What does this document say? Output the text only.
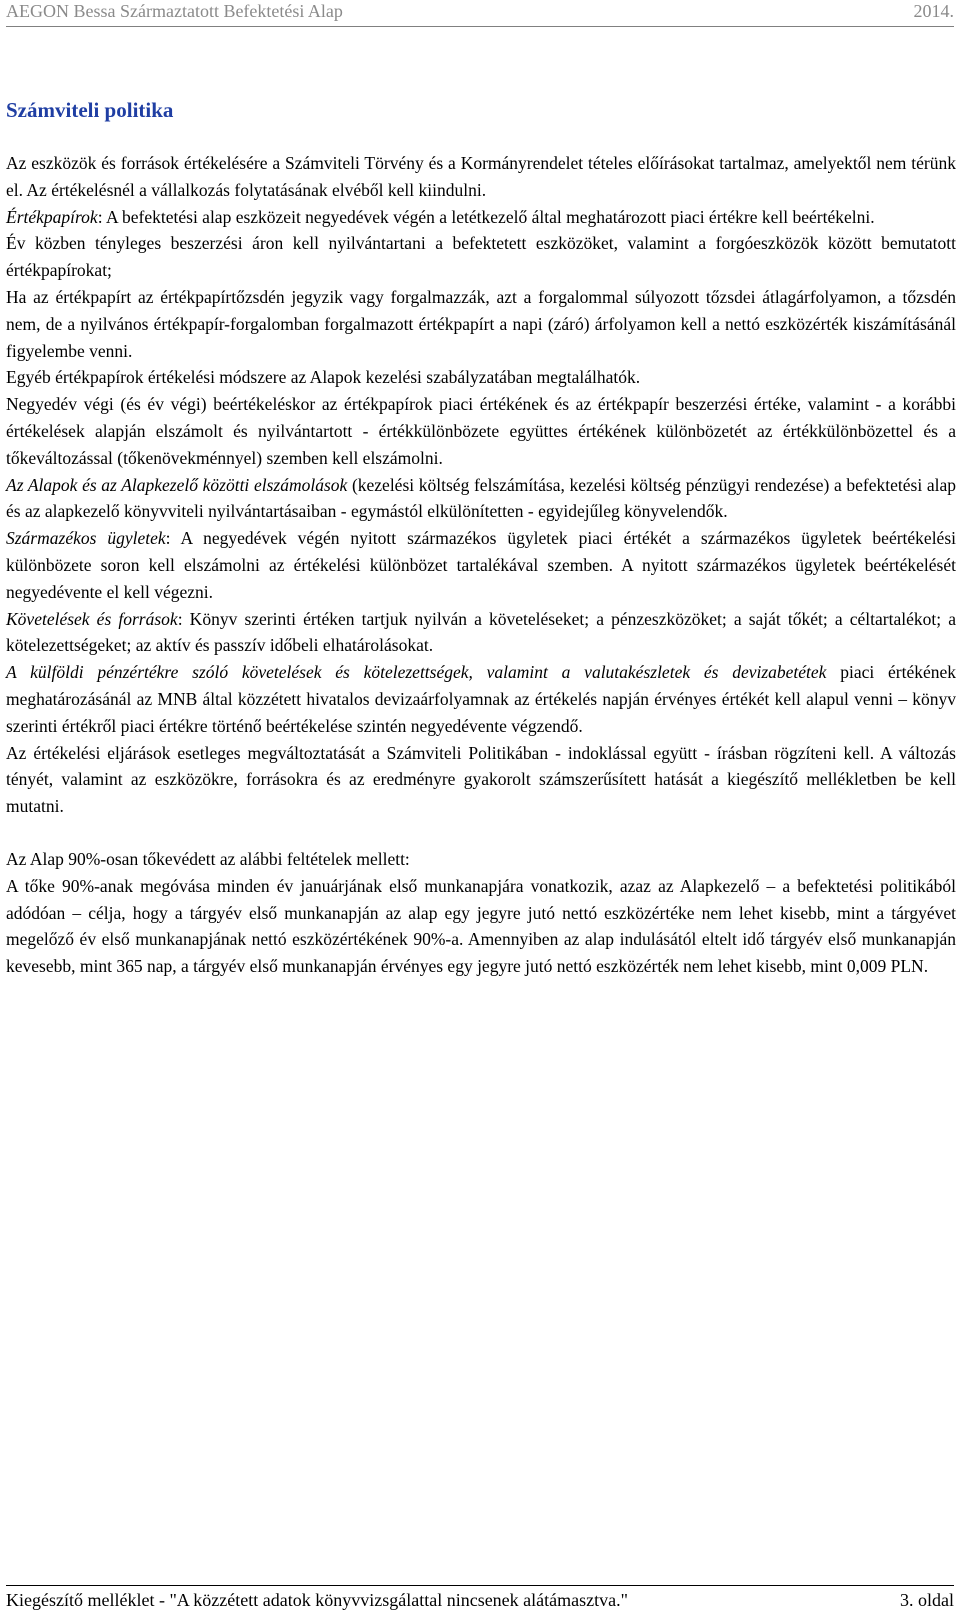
AEGON Bessa Származtatott Befektetési Alap	2014.
Számviteli politika

Az eszközök és források értékelésére a Számviteli Törvény és a Kormányrendelet tételes előírásokat tartalmaz, amelyektől nem térünk el. Az értékelésnél a vállalkozás folytatásának elvéből kell kiindulni.

Értékpapírok: A befektetési alap eszközeit negyedévek végén a letétkezelő által meghatározott piaci értékre kell beértékelni.

Év közben tényleges beszerzési áron kell nyilvántartani a befektetett eszközöket, valamint a forgóeszközök között bemutatott értékpapírokat;

Ha az értékpapírt az értékpapírtőzsdén jegyzik vagy forgalmazzák, azt a forgalommal súlyozott tőzsdei átlagárfolyamon, a tőzsdén nem, de a nyilvános értékpapír-forgalomban forgalmazott értékpapírt a napi (záró) árfolyamon kell a nettó eszközérték kiszámításánál figyelembe venni.

Egyéb értékpapírok értékelési módszere az Alapok kezelési szabályzatában megtalálhatók.

Negyedév végi (és év végi) beértékeléskor az értékpapírok piaci értékének és az értékpapír beszerzési értéke, valamint - a korábbi értékelések alapján elszámolt és nyilvántartott - értékkülönbözete együttes értékének különbözetét az értékkülönbözettel és a tőkeváltozással (tőkenövekménnyel) szemben kell elszámolni.

Az Alapok és az Alapkezelő közötti elszámolások (kezelési költség felszámítása, kezelési költség pénzügyi rendezése) a befektetési alap és az alapkezelő könyvviteli nyilvántartásaiban - egymástól elkülönítetten - egyidejűleg könyvelendők.

Származékos ügyletek: A negyedévek végén nyitott származékos ügyletek piaci értékét a származékos ügyletek beértékelési különbözete soron kell elszámolni az értékelési különbözet tartalékával szemben. A nyitott származékos ügyletek beértékelését negyedévente el kell végezni.

Követelések és források: Könyv szerinti értéken tartjuk nyilván a követeléseket; a pénzeszközöket; a saját tőkét; a céltartalékot; a kötelezettségeket; az aktív és passzív időbeli elhatárolásokat.

A külföldi pénzértékre szóló követelések és kötelezettségek, valamint a valutakészletek és devizabetétek piaci értékének meghatározásánál az MNB által közzétett hivatalos devizaárfolyamnak az értékelés napján érvényes értékét kell alapul venni – könyv szerinti értékről piaci értékre történő beértékelése szintén negyedévente végzendő.

Az értékelési eljárások esetleges megváltoztatását a Számviteli Politikában - indoklással együtt - írásban rögzíteni kell. A változás tényét, valamint az eszközökre, forrásokra és az eredményre gyakorolt számszerűsített hatását a kiegészítő mellékletben be kell mutatni.

Az Alap 90%-osan tőkevédett az alábbi feltételek mellett:

A tőke 90%-anak megóvása minden év januárjának első munkanapjára vonatkozik, azaz az Alapkezelő – a befektetési politikából adódóan – célja, hogy a tárgyév első munkanapján az alap egy jegyre jutó nettó eszközértéke nem lehet kisebb, mint a tárgyévet megelőző év első munkanapjának nettó eszközértékének 90%-a. Amennyiben az alap indulásától eltelt idő tárgyév első munkanapján kevesebb, mint 365 nap, a tárgyév első munkanapján érvényes egy jegyre jutó nettó eszközérték nem lehet kisebb, mint 0,009 PLN.

Kiegészítő melléklet - "A közzétett adatok könyvvizsgálattal nincsenek alátámasztva."	3. oldal
